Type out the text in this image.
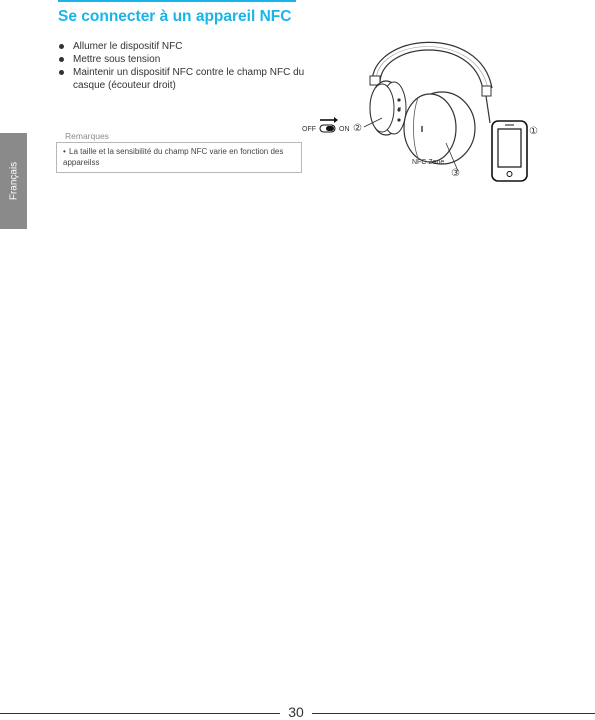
Se connecter à un appareil NFC
Allumer le dispositif NFC
Mettre sous tension
Maintenir un dispositif NFC contre le champ NFC du casque (écouteur droit)
Remarques
• La taille et la sensibilité du champ NFC varie en fonction des appareilss
Français
OFF	ON ②	①
NFC Zone
③
30
